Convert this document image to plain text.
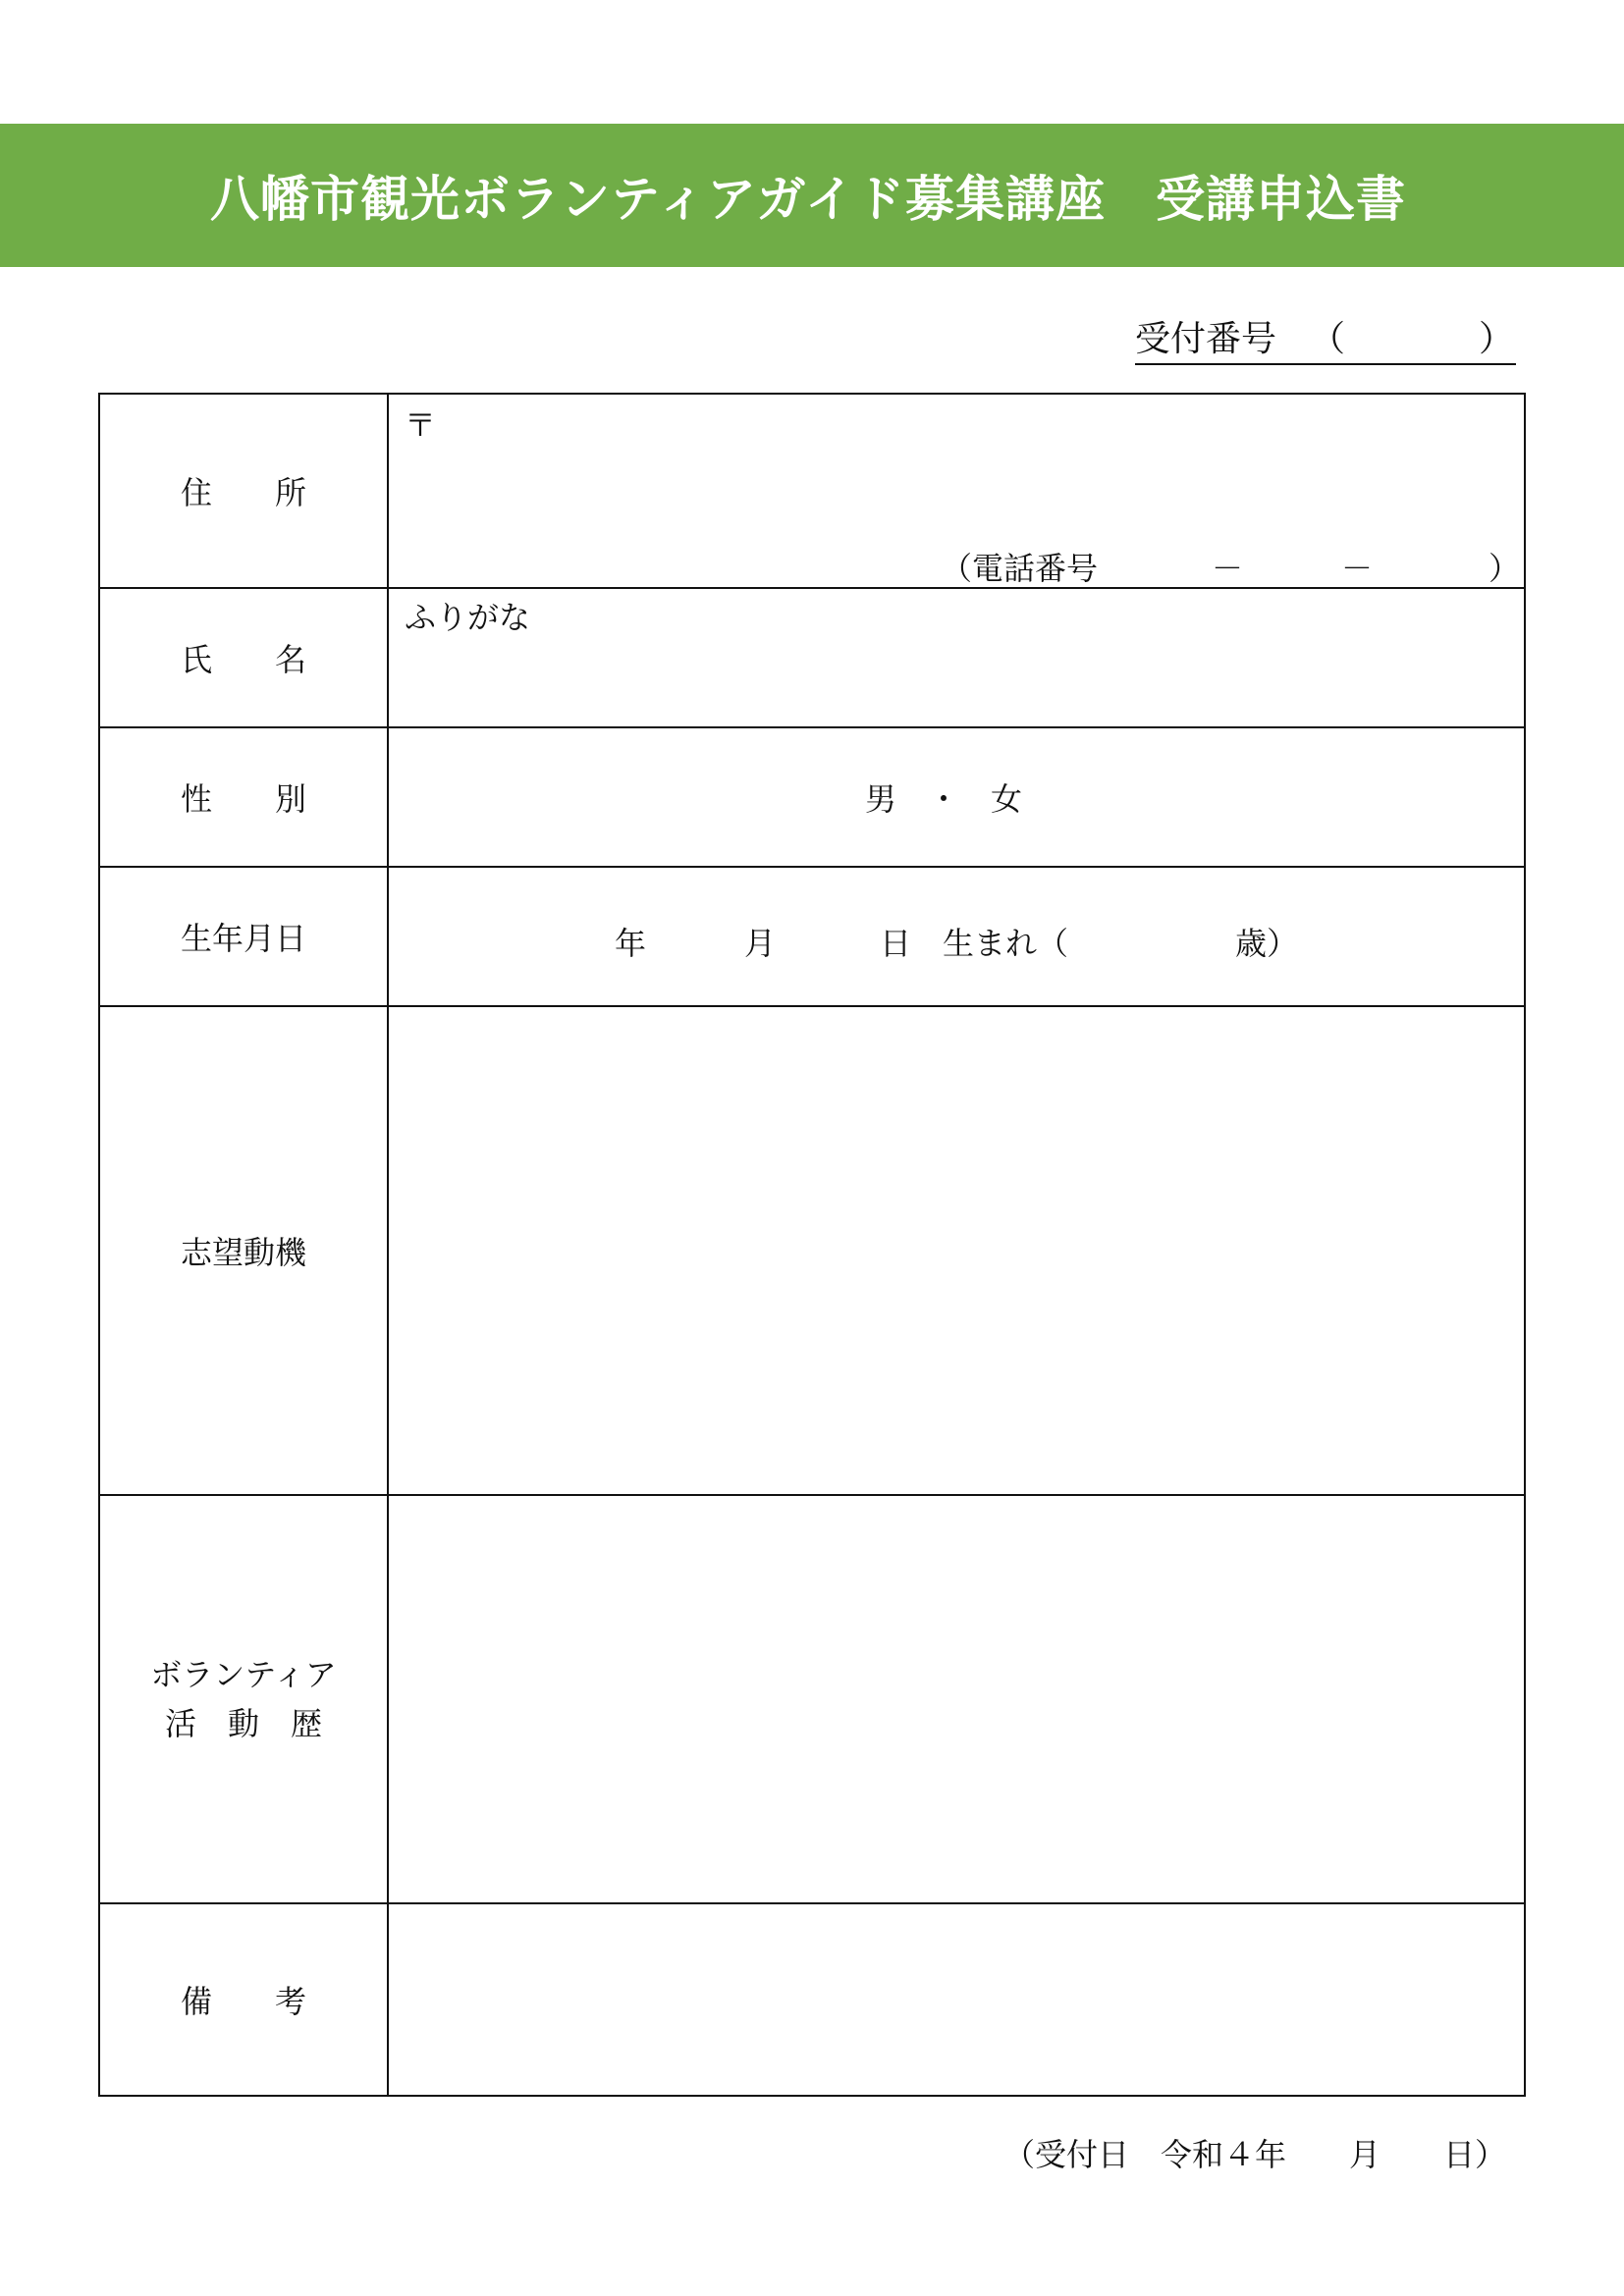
八幡市観光ボランティアガイド募集講座　受講申込書
受付番号 （	）
住　　所	〒
（電話番号 － － ）

氏　　名	ふりがな

性　　別	男　・　女
生年月日	年 月 日 生まれ（ 歳）

志望動機	
ボランティア
活　動　歴	
備　　考	
（受付日　令和４年　　月　　日）
